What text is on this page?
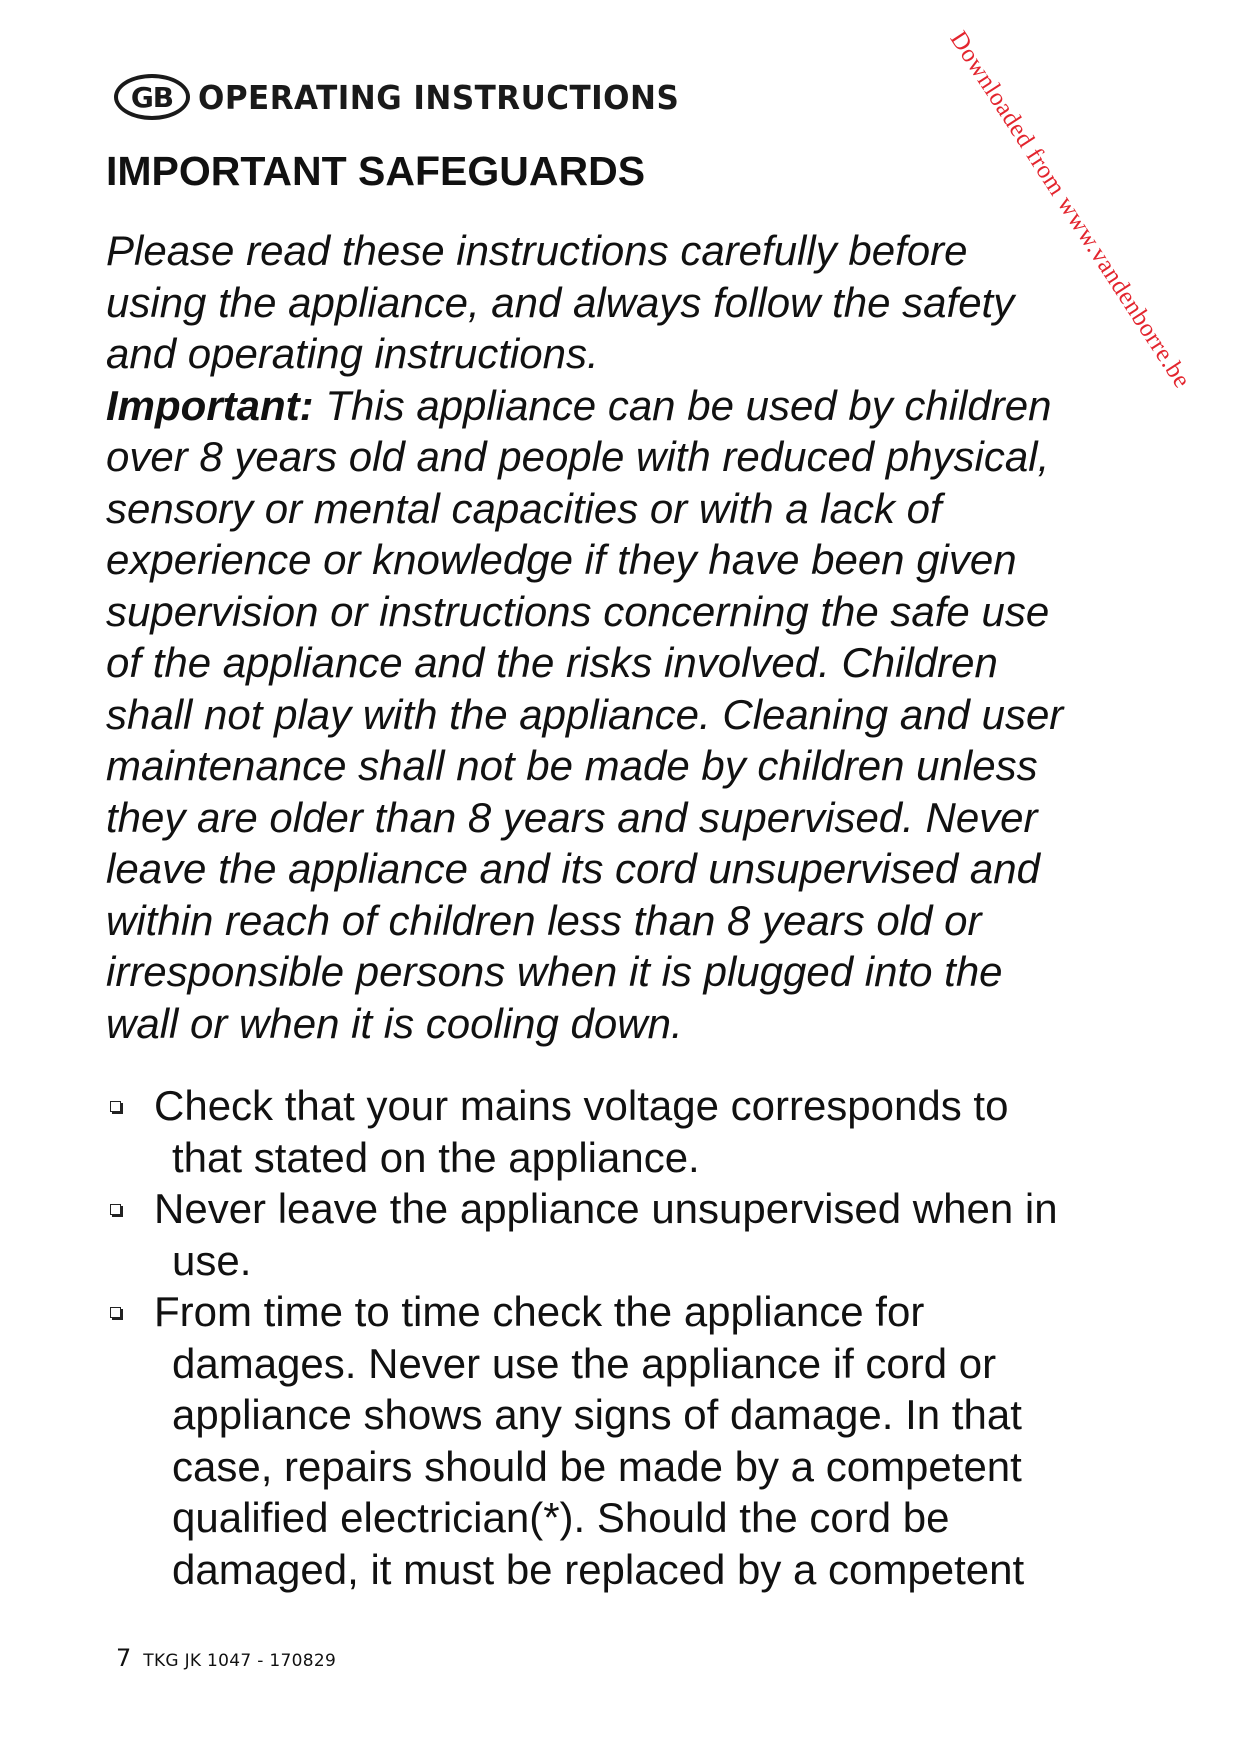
GB OPERATING INSTRUCTIONS
IMPORTANT SAFEGUARDS

Please read these instructions carefully before
using the appliance, and always follow the safety
and operating instructions.

Important: This appliance can be used by children
over 8 years old and people with reduced physical,
sensory or mental capacities or with a lack of
experience or knowledge if they have been given
supervision or instructions concerning the safe use
of the appliance and the risks involved. Children
shall not play with the appliance. Cleaning and user
maintenance shall not be made by children unless
they are older than 8 years and supervised. Never
leave the appliance and its cord unsupervised and
within reach of children less than 8 years old or
irresponsible persons when it is plugged into the
wall or when it is cooling down.

Check that your mains voltage corresponds to
that stated on the appliance.
Never leave the appliance unsupervised when in
use.
From time to time check the appliance for
damages. Never use the appliance if cord or
appliance shows any signs of damage. In that
case, repairs should be made by a competent
qualified electrician(*). Should the cord be
damaged, it must be replaced by a competent
Downloaded from www.vandenborre.be
7 TKG JK 1047 - 170829
